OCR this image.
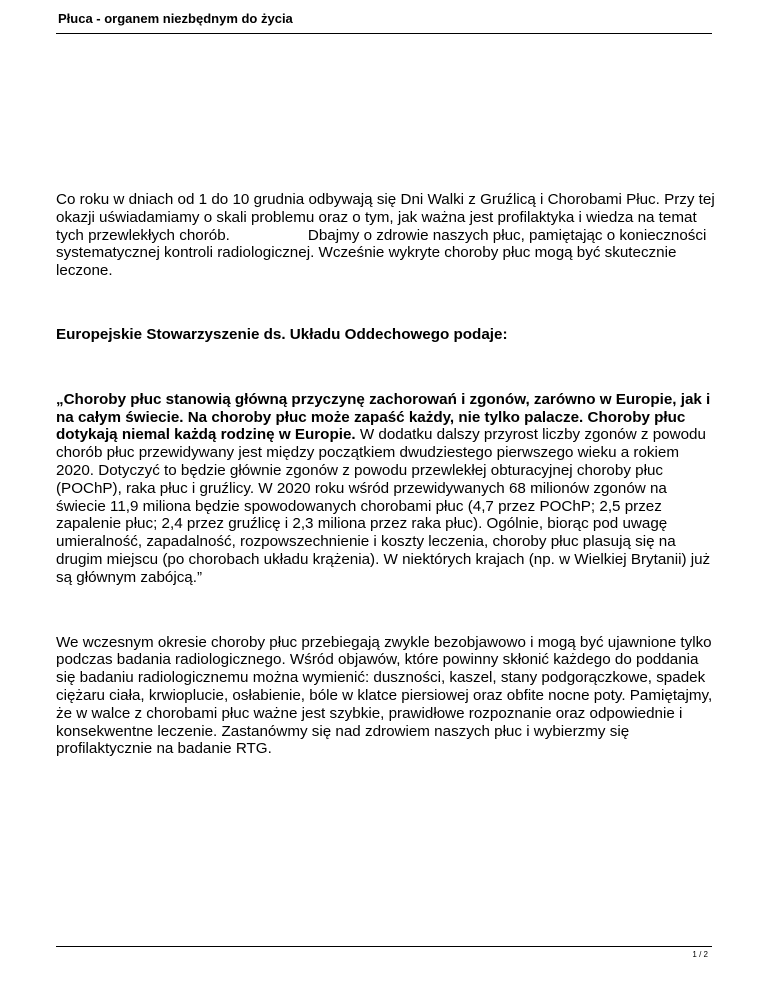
Płuca - organem niezbędnym do życia

Co roku w dniach od 1 do 10 grudnia odbywają się Dni Walki z Gruźlicą i Chorobami Płuc. Przy tej okazji uświadamiamy o skali problemu oraz o tym, jak ważna jest profilaktyka i wiedza na temat tych przewlekłych chorób.	Dbajmy o zdrowie naszych płuc, pamiętając o konieczności systematycznej kontroli radiologicznej. Wcześnie wykryte choroby płuc mogą być skutecznie leczone.

Europejskie Stowarzyszenie ds. Układu Oddechowego podaje:

„Choroby płuc stanowią główną przyczynę zachorowań i zgonów, zarówno w Europie, jak i na całym świecie. Na choroby płuc może zapaść każdy, nie tylko palacze. Choroby płuc dotykają niemal każdą rodzinę w Europie. W dodatku dalszy przyrost liczby zgonów z powodu chorób płuc przewidywany jest między początkiem dwudziestego pierwszego wieku a rokiem 2020. Dotyczyć to będzie głównie zgonów z powodu przewlekłej obturacyjnej choroby płuc (POChP), raka płuc i gruźlicy. W 2020 roku wśród przewidywanych 68 milionów zgonów na świecie 11,9 miliona będzie spowodowanych chorobami płuc (4,7 przez POChP; 2,5 przez zapalenie płuc; 2,4 przez gruźlicę i 2,3 miliona przez raka płuc). Ogólnie, biorąc pod uwagę umieralność, zapadalność, rozpowszechnienie i koszty leczenia, choroby płuc plasują się na drugim miejscu (po chorobach układu krążenia). W niektórych krajach (np. w Wielkiej Brytanii) już są głównym zabójcą.”

We wczesnym okresie choroby płuc przebiegają zwykle bezobjawowo i mogą być ujawnione tylko podczas badania radiologicznego. Wśród objawów, które powinny skłonić każdego do poddania się badaniu radiologicznemu można wymienić: duszności, kaszel, stany podgorączkowe, spadek ciężaru ciała, krwioplucie, osłabienie, bóle w klatce piersiowej oraz obfite nocne poty. Pamiętajmy, że w walce z chorobami płuc ważne jest szybkie, prawidłowe rozpoznanie oraz odpowiednie i konsekwentne leczenie. Zastanówmy się nad zdrowiem naszych płuc i wybierzmy się profilaktycznie na badanie RTG.

1 / 2
